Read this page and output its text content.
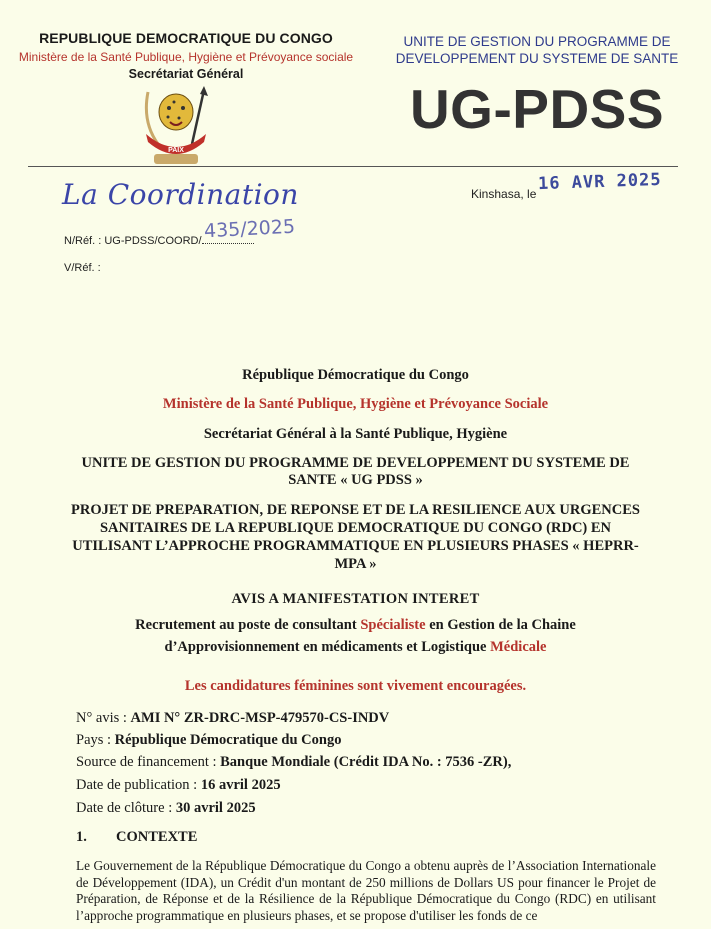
REPUBLIQUE DEMOCRATIQUE DU CONGO
Ministère de la Santé Publique, Hygiène et Prévoyance sociale
Secrétariat Général
PAIX
UNITE DE GESTION DU PROGRAMME DE
DEVELOPPEMENT DU SYSTEME DE SANTE
UG-PDSS
La Coordination
N/Réf. : UG-PDSS/COORD/ 435/2025
V/Réf. :
Kinshasa, le 16 AVR 2025
République Démocratique du Congo
Ministère de la Santé Publique, Hygiène et Prévoyance Sociale
Secrétariat Général à la Santé Publique, Hygiène
UNITE DE GESTION DU PROGRAMME DE DEVELOPPEMENT DU SYSTEME DE SANTE « UG PDSS »
PROJET DE PREPARATION, DE REPONSE ET DE LA RESILIENCE AUX URGENCES SANITAIRES DE LA REPUBLIQUE DEMOCRATIQUE DU CONGO (RDC) EN UTILISANT L’APPROCHE PROGRAMMATIQUE EN PLUSIEURS PHASES « HEPRR-MPA »
AVIS A MANIFESTATION INTERET
Recrutement au poste de consultant Spécialiste en Gestion de la Chaine d’Approvisionnement en médicaments et Logistique Médicale
Les candidatures féminines sont vivement encouragées.
N° avis : AMI N° ZR-DRC-MSP-479570-CS-INDV
Pays : République Démocratique du Congo
Source de financement : Banque Mondiale (Crédit IDA No. : 7536 -ZR),
Date de publication : 16 avril 2025
Date de clôture : 30 avril 2025
1. CONTEXTE
Le Gouvernement de la République Démocratique du Congo a obtenu auprès de l’Association Internationale de Développement (IDA), un Crédit d'un montant de 250 millions de Dollars US pour financer le Projet de Préparation, de Réponse et de la Résilience de la République Démocratique du Congo (RDC) en utilisant l’approche programmatique en plusieurs phases, et se propose d'utiliser les fonds de ce
